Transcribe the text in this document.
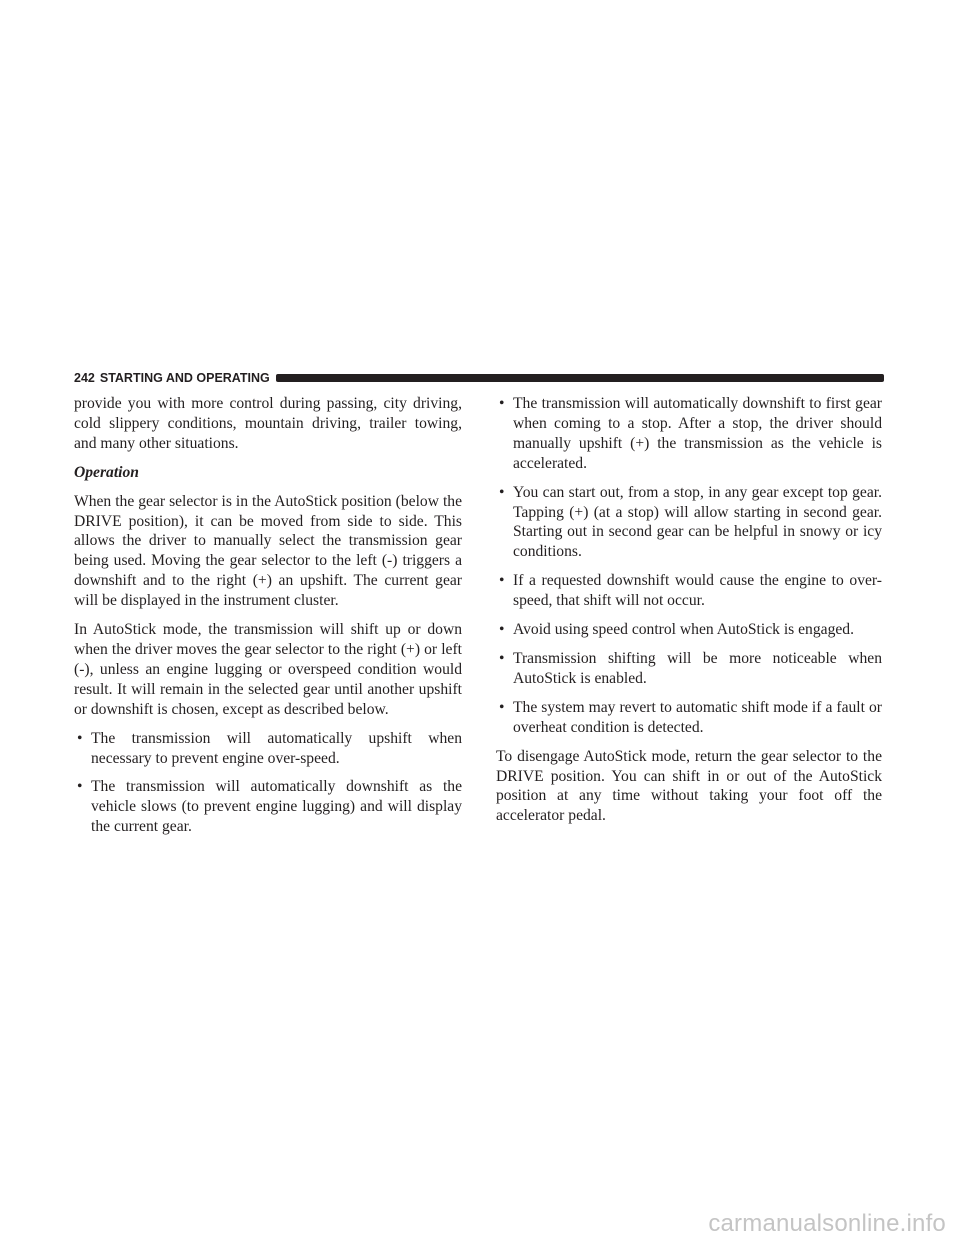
242 STARTING AND OPERATING

provide you with more control during passing, city driving, cold slippery conditions, mountain driving, trailer towing, and many other situations.

Operation

When the gear selector is in the AutoStick position (below the DRIVE position), it can be moved from side to side. This allows the driver to manually select the transmission gear being used. Moving the gear selector to the left (-) triggers a downshift and to the right (+) an upshift. The current gear will be displayed in the instrument cluster.

In AutoStick mode, the transmission will shift up or down when the driver moves the gear selector to the right (+) or left (-), unless an engine lugging or overspeed condition would result. It will remain in the selected gear until another upshift or downshift is chosen, except as described below.

• The transmission will automatically upshift when necessary to prevent engine over-speed.
• The transmission will automatically downshift as the vehicle slows (to prevent engine lugging) and will display the current gear.
• The transmission will automatically downshift to first gear when coming to a stop. After a stop, the driver should manually upshift (+) the transmission as the vehicle is accelerated.
• You can start out, from a stop, in any gear except top gear. Tapping (+) (at a stop) will allow starting in second gear. Starting out in second gear can be helpful in snowy or icy conditions.
• If a requested downshift would cause the engine to over-speed, that shift will not occur.
• Avoid using speed control when AutoStick is engaged.
• Transmission shifting will be more noticeable when AutoStick is enabled.
• The system may revert to automatic shift mode if a fault or overheat condition is detected.

To disengage AutoStick mode, return the gear selector to the DRIVE position. You can shift in or out of the AutoStick position at any time without taking your foot off the accelerator pedal.

carmanualsonline.info
